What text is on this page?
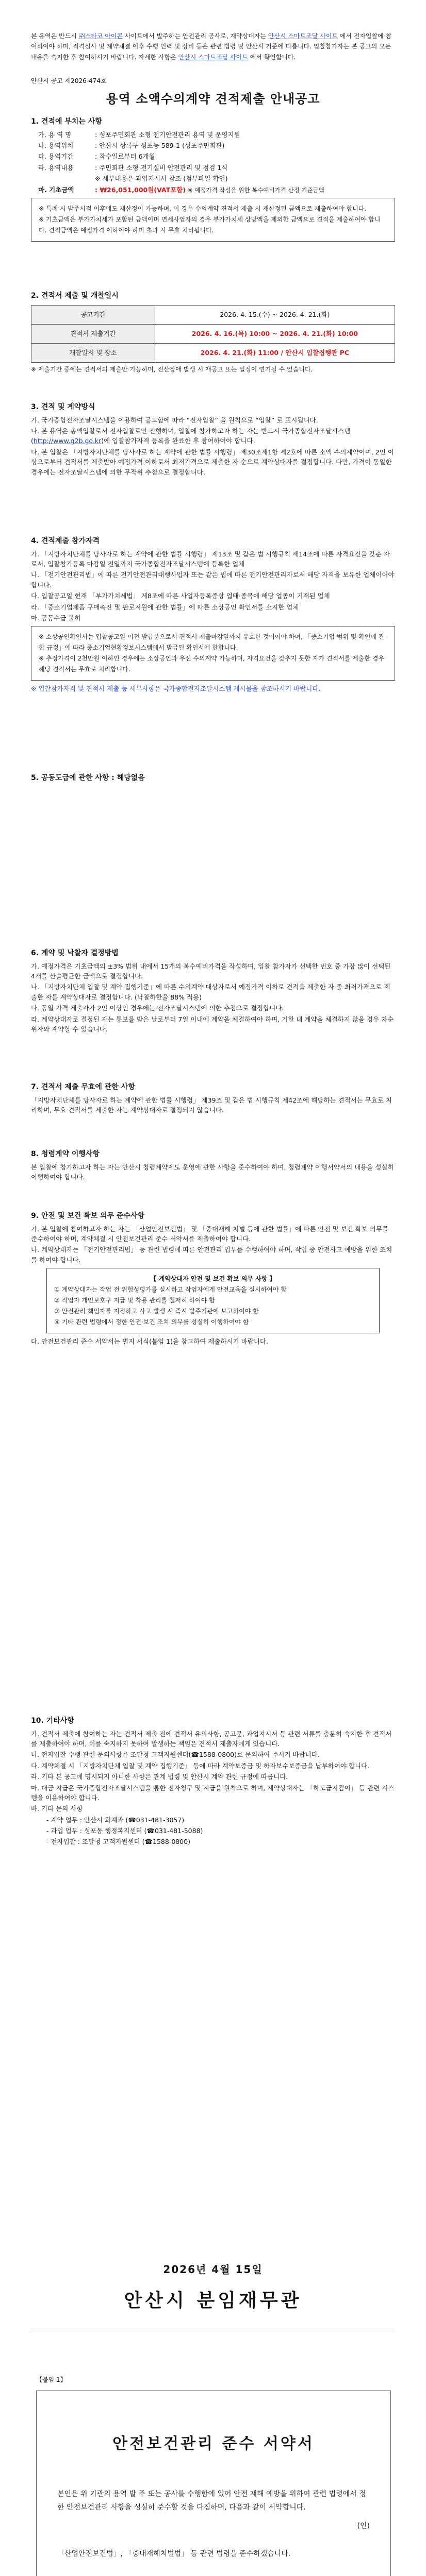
본 용역은 반드시 ㈜스타코 아이콘 사이트에서 발주하는 안전관리 공사로, 계약상대자는 안산시 스마트조달 사이트 에서 전자입찰에 참여하여야 하며, 적격심사 및 계약체결 이후 수행 인력 및 장비 등은 관련 법령 및 안산시 기준에 따릅니다. 입찰참가자는 본 공고의 모든 내용을 숙지한 후 참여하시기 바랍니다. 자세한 사항은 안산시 스마트조달 사이트 에서 확인합니다.
안산시 공고 제2026-474호
용역 소액수의계약 견적제출 안내공고
1. 견적에 부치는 사항
가. 용 역 명	: 성포주민회관 소형 전기안전관리 용역 및 운영지원
나. 용역위치	: 안산시 상록구 성포동 589-1 (성포주민회관)
다. 용역기간	: 착수일로부터 6개월
라. 용역내용	: 주민회관 소형 전기설비 안전관리 및 점검 1식
※ 세부내용은 과업지시서 참조 (첨부파일 확인)
마. 기초금액	: ₩26,051,000원(VAT포함) ※ 예정가격 작성을 위한 복수예비가격 산정 기준금액
※ 특례 시 발주시점 이후에도 재산정이 가능하며, 이 경우 수의계약 견적서 제출 시 재산정된 금액으로 제출하여야 합니다.
※ 기초금액은 부가가치세가 포함된 금액이며 면세사업자의 경우 부가가치세 상당액을 제외한 금액으로 견적을 제출하여야 합니다. 견적금액은 예정가격 이하여야 하며 초과 시 무효 처리됩니다.
2. 견적서 제출 및 개찰일시
공고기간	2026. 4. 15.(수) ~ 2026. 4. 21.(화)
견적서 제출기간	2026. 4. 16.(목) 10:00 ~ 2026. 4. 21.(화) 10:00
개찰일시 및 장소	2026. 4. 21.(화) 11:00 / 안산시 입찰집행관 PC
※ 제출기간 중에는 견적서의 제출만 가능하며, 전산장애 발생 시 재공고 또는 일정이 연기될 수 있습니다.
3. 견적 및 계약방식

가. 국가종합전자조달시스템을 이용하여 공고함에 따라 “전자입찰” 을 원칙으로 “입찰” 로 표시됩니다.

나. 본 용역은 총액입찰로서 전자입찰로만 진행하며, 입찰에 참가하고자 하는 자는 반드시 국가종합전자조달시스템(http://www.g2b.go.kr)에 입찰참가자격 등록을 완료한 후 참여하여야 합니다.

다. 본 입찰은 「지방자치단체를 당사자로 하는 계약에 관한 법률 시행령」 제30조제1항 제2호에 따른 소액 수의계약이며, 2인 이상으로부터 견적서를 제출받아 예정가격 이하로서 최저가격으로 제출한 자 순으로 계약상대자를 결정합니다. 다만, 가격이 동일한 경우에는 전자조달시스템에 의한 무작위 추첨으로 결정합니다.

4. 견적제출 참가자격

가. 「지방자치단체를 당사자로 하는 계약에 관한 법률 시행령」 제13조 및 같은 법 시행규칙 제14조에 따른 자격요건을 갖춘 자로서, 입찰참가등록 마감일 전일까지 국가종합전자조달시스템에 등록한 업체

나. 「전기안전관리법」에 따른 전기안전관리대행사업자 또는 같은 법에 따른 전기안전관리자로서 해당 자격을 보유한 업체이어야 합니다.

다. 입찰공고일 현재 「부가가치세법」 제8조에 따른 사업자등록증상 업태·종목에 해당 업종이 기재된 업체

라. 「중소기업제품 구매촉진 및 판로지원에 관한 법률」에 따른 소상공인 확인서를 소지한 업체

마. 공동수급 불허

※ 소상공인확인서는 입찰공고일 이전 발급분으로서 견적서 제출마감일까지 유효한 것이어야 하며, 「중소기업 범위 및 확인에 관한 규정」에 따라 중소기업현황정보시스템에서 발급된 확인서에 한합니다.
※ 추정가격이 2천만원 이하인 경우에는 소상공인과 우선 수의계약 가능하며, 자격요건을 갖추지 못한 자가 견적서를 제출한 경우 해당 견적서는 무효로 처리합니다.

※ 입찰참가자격 및 견적서 제출 등 세부사항은 국가종합전자조달시스템 게시물을 참조하시기 바랍니다.

5. 공동도급에 관한 사항 : 해당없음
6. 계약 및 낙찰자 결정방법

가. 예정가격은 기초금액의 ±3% 범위 내에서 15개의 복수예비가격을 작성하며, 입찰 참가자가 선택한 번호 중 가장 많이 선택된 4개를 산술평균한 금액으로 결정합니다.

나. 「지방자치단체 입찰 및 계약 집행기준」에 따른 수의계약 대상자로서 예정가격 이하로 견적을 제출한 자 중 최저가격으로 제출한 자를 계약상대자로 결정합니다. (낙찰하한율 88% 적용)

다. 동일 가격 제출자가 2인 이상인 경우에는 전자조달시스템에 의한 추첨으로 결정합니다.

라. 계약상대자로 결정된 자는 통보를 받은 날로부터 7일 이내에 계약을 체결하여야 하며, 기한 내 계약을 체결하지 않을 경우 차순위자와 계약할 수 있습니다.

7. 견적서 제출 무효에 관한 사항

「지방자치단체를 당사자로 하는 계약에 관한 법률 시행령」 제39조 및 같은 법 시행규칙 제42조에 해당하는 견적서는 무효로 처리하며, 무효 견적서를 제출한 자는 계약상대자로 결정되지 않습니다.

8. 청렴계약 이행사항

본 입찰에 참가하고자 하는 자는 안산시 청렴계약제도 운영에 관한 사항을 준수하여야 하며, 청렴계약 이행서약서의 내용을 성실히 이행하여야 합니다.

9. 안전 및 보건 확보 의무 준수사항

가. 본 입찰에 참여하고자 하는 자는 「산업안전보건법」 및 「중대재해 처벌 등에 관한 법률」에 따른 안전 및 보건 확보 의무를 준수하여야 하며, 계약체결 시 안전보건관리 준수 서약서를 제출하여야 합니다.

나. 계약상대자는 「전기안전관리법」 등 관련 법령에 따른 안전관리 업무를 수행하여야 하며, 작업 중 안전사고 예방을 위한 조치를 하여야 합니다.

【 계약상대자 안전 및 보건 확보 의무 사항 】
① 계약상대자는 작업 전 위험성평가를 실시하고 작업자에게 안전교육을 실시하여야 함
② 작업자 개인보호구 지급 및 착용 관리를 철저히 하여야 함
③ 안전관리 책임자를 지정하고 사고 발생 시 즉시 발주기관에 보고하여야 함
④ 기타 관련 법령에서 정한 안전·보건 조치 의무를 성실히 이행하여야 함

다. 안전보건관리 준수 서약서는 별지 서식(붙임 1)을 참고하여 제출하시기 바랍니다.

10. 기타사항

가. 견적서 제출에 참여하는 자는 견적서 제출 전에 견적서 유의사항, 공고문, 과업지시서 등 관련 서류를 충분히 숙지한 후 견적서를 제출하여야 하며, 이를 숙지하지 못하여 발생하는 책임은 견적서 제출자에게 있습니다.

나. 전자입찰 수행 관련 문의사항은 조달청 고객지원센터(☎1588-0800)로 문의하여 주시기 바랍니다.

다. 계약체결 시 「지방자치단체 입찰 및 계약 집행기준」 등에 따라 계약보증금 및 하자보수보증금을 납부하여야 합니다.

라. 기타 본 공고에 명시되지 아니한 사항은 관계 법령 및 안산시 계약 관련 규정에 따릅니다.

마. 대금 지급은 국가종합전자조달시스템을 통한 전자청구 및 지급을 원칙으로 하며, 계약상대자는 「하도급지킴이」 등 관련 시스템을 이용하여야 합니다.

바. 기타 문의 사항

- 계약 업무 : 안산시 회계과 (☎031-481-3057)
- 과업 업무 : 성포동 행정복지센터 (☎031-481-5088)
- 전자입찰 : 조달청 고객지원센터 (☎1588-0800)
2026년 4월 15일
안산시 분임재무관
【붙임 1】
안전보건관리 준수 서약서
본인은 위 기관의 용역 발 주 또는 공사를 수행함에 있어 안전 재해 예방을 위하여 관련 법령에서 정한 안전보건관리 사항을 성실히 준수할 것을 다짐하며, 다음과 같이 서약합니다.
(인)
「산업안전보건법」, 「중대재해처벌법」 등 관련 법령을 준수하겠습니다.
